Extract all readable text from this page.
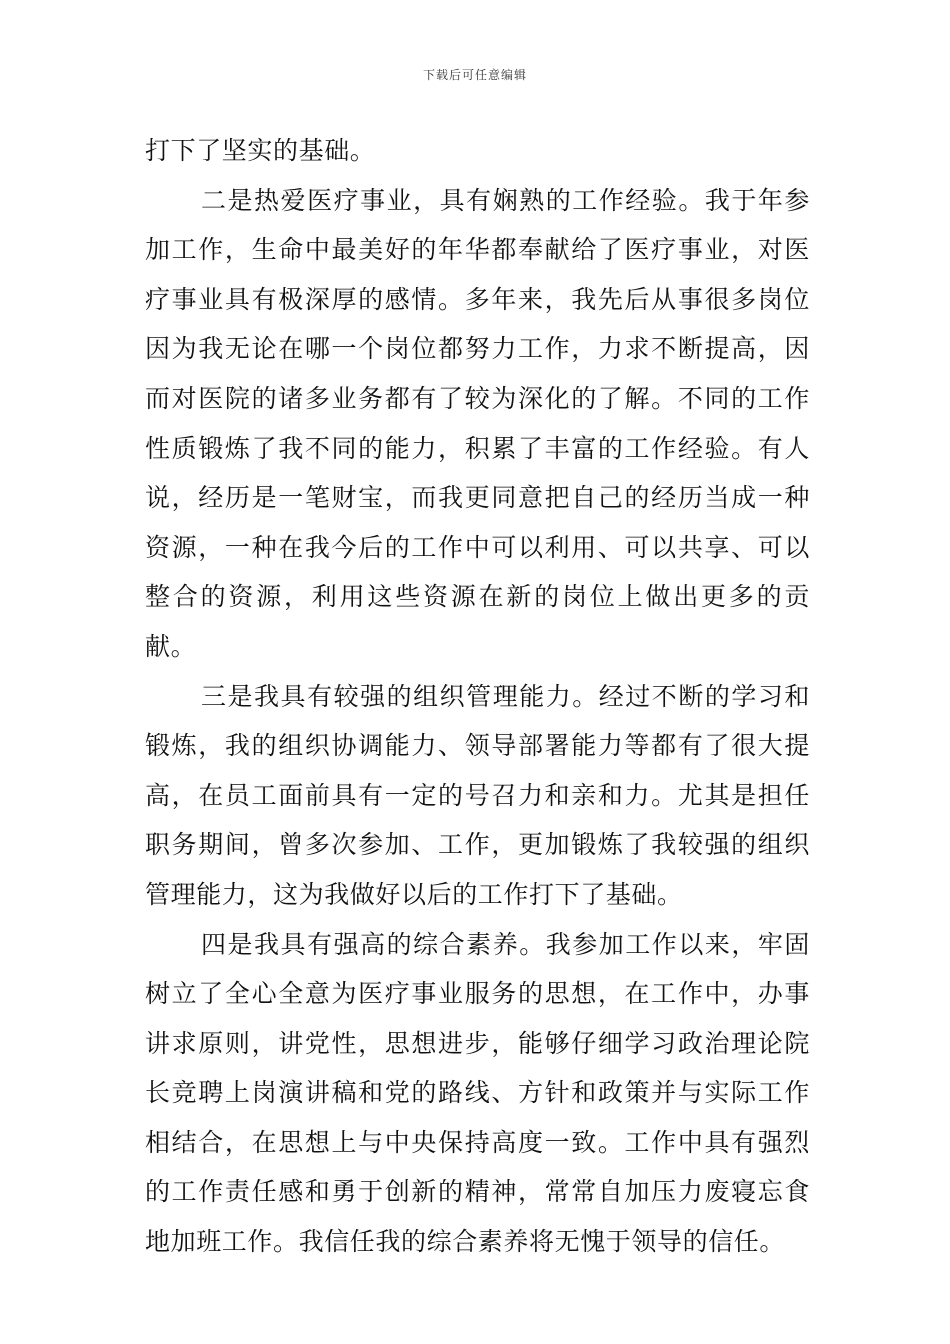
下载后可任意编辑

打下了坚实的基础。

二是热爱医疗事业，具有娴熟的工作经验。我于年参加工作，生命中最美好的年华都奉献给了医疗事业，对医疗事业具有极深厚的感情。多年来，我先后从事很多岗位因为我无论在哪一个岗位都努力工作，力求不断提高，因而对医院的诸多业务都有了较为深化的了解。不同的工作性质锻炼了我不同的能力，积累了丰富的工作经验。有人说，经历是一笔财宝，而我更同意把自己的经历当成一种资源，一种在我今后的工作中可以利用、可以共享、可以整合的资源，利用这些资源在新的岗位上做出更多的贡献。

三是我具有较强的组织管理能力。经过不断的学习和锻炼，我的组织协调能力、领导部署能力等都有了很大提高，在员工面前具有一定的号召力和亲和力。尤其是担任职务期间，曾多次参加、工作，更加锻炼了我较强的组织管理能力，这为我做好以后的工作打下了基础。

四是我具有强高的综合素养。我参加工作以来，牢固树立了全心全意为医疗事业服务的思想，在工作中，办事讲求原则，讲党性，思想进步，能够仔细学习政治理论院长竞聘上岗演讲稿和党的路线、方针和政策并与实际工作相结合，在思想上与中央保持高度一致。工作中具有强烈的工作责任感和勇于创新的精神，常常自加压力废寝忘食地加班工作。我信任我的综合素养将无愧于领导的信任。
